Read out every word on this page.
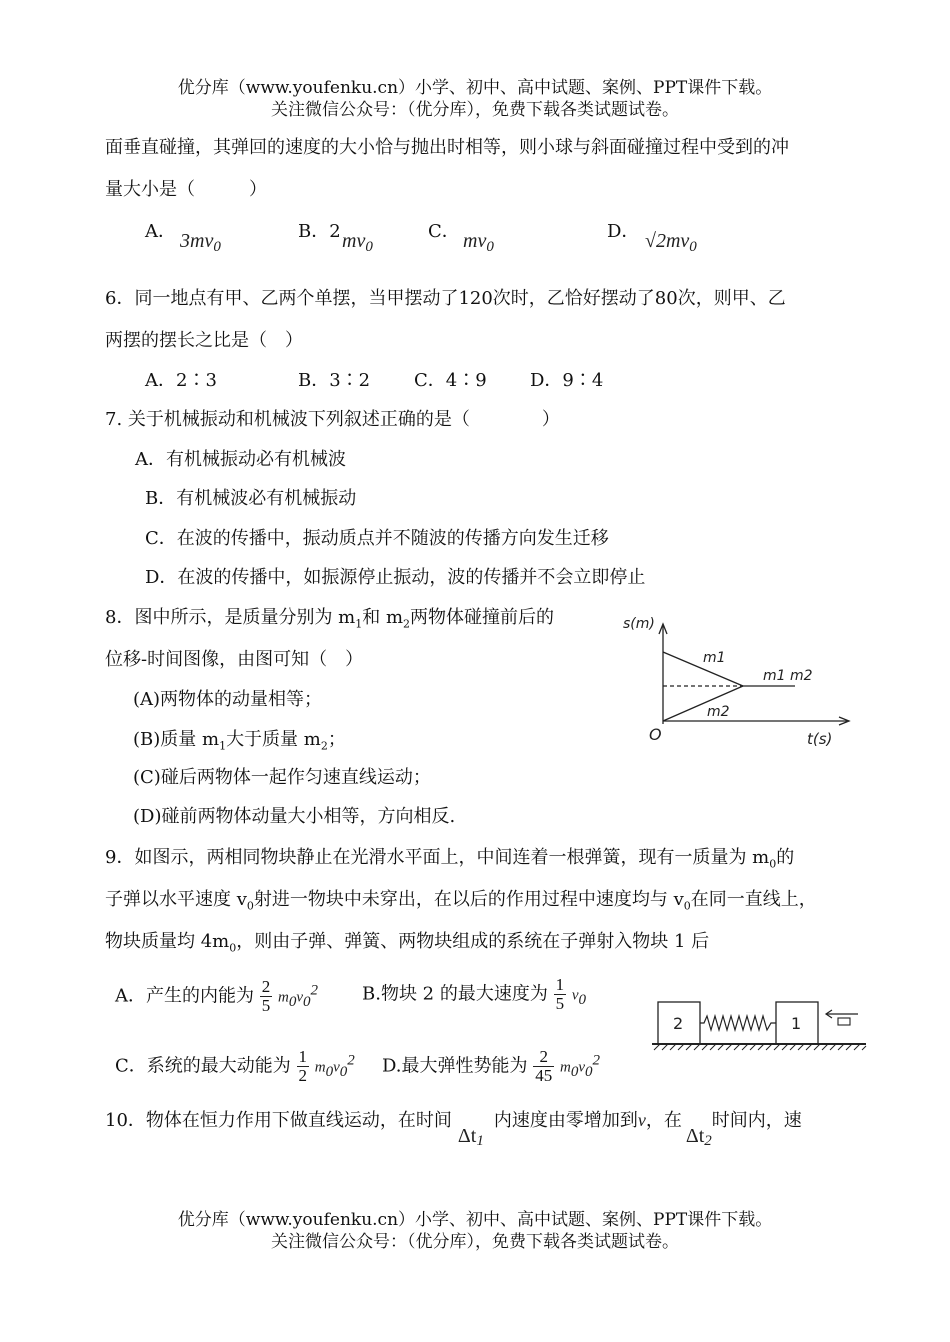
优分库（www.youfenku.cn）小学、初中、高中试题、案例、PPT课件下载。
关注微信公众号：（优分库），免费下载各类试题试卷。
面垂直碰撞，其弹回的速度的大小恰与抛出时相等，则小球与斜面碰撞过程中受到的冲
量大小是（　　　）
A． $3mv_0$
B．2 $mv_0$
C． $mv_0$
D． $√2mv_0$
6．同一地点有甲、乙两个单摆，当甲摆动了120次时，乙恰好摆动了80次，则甲、乙
两摆的摆长之比是（　）
A．2∶3	B．3∶2 C．4∶9 D．9∶4
7. 关于机械振动和机械波下列叙述正确的是（　　　　）
A．有机械振动必有机械波
B．有机械波必有机械振动
C．在波的传播中，振动质点并不随波的传播方向发生迁移
D．在波的传播中，如振源停止振动，波的传播并不会立即停止
8．图中所示，是质量分别为 $m_1$和 $m_2$两物体碰撞前后的
位移-时间图像，由图可知（　）
(A)两物体的动量相等；
(B)质量 $m_1$大于质量 $m_2$；
(C)碰后两物体一起作匀速直线运动；
(D)碰前两物体动量大小相等，方向相反.
s(m)
O	t(s)
m1
m2
m1 m2
9．如图示，两相同物块静止在光滑水平面上，中间连着一根弹簧，现有一质量为 $m_0$的
子弹以水平速度 $v_0$射进一物块中未穿出，在以后的作用过程中速度均与 $v_0$在同一直线上，
物块质量均 $4m_0$，则由子弹、弹簧、两物块组成的系统在子弹射入物块 1 后
A．产生的内能为 $\frac{2}{5} m_0v_0^2$ B.物块 2 的最大速度为 $\frac{1}{5} v_0$
C．系统的最大动能为 $\frac{1}{2} m_0v_0^2$ D.最大弹性势能为 $\frac{2}{45} m_0v_0^2$
2	1
10．物体在恒力作用下做直线运动，在时间$\Delta t_1$内速度由零增加到v，在$\Delta t_2$时间内，速
优分库（www.youfenku.cn）小学、初中、高中试题、案例、PPT课件下载。
关注微信公众号：（优分库），免费下载各类试题试卷。
